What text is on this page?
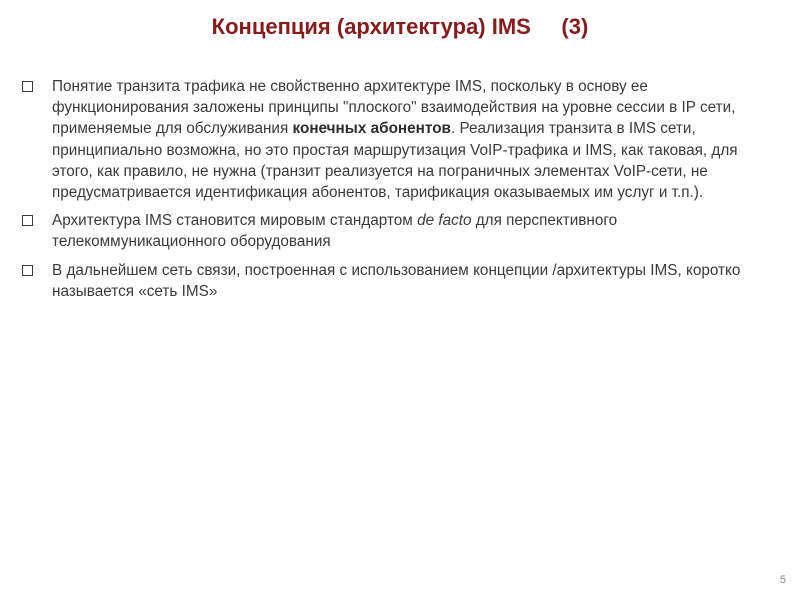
Концепция (архитектура) IMS     (3)
Понятие транзита трафика не свойственно архитектуре IMS, поскольку в основу ее функционирования заложены принципы "плоского" взаимодействия на уровне сессии в IP сети, применяемые для обслуживания конечных абонентов. Реализация транзита в IMS сети, принципиально возможна, но это простая маршрутизация VoIP-трафика и IMS, как таковая, для этого, как правило, не нужна (транзит реализуется на пограничных элементах VoIP-сети, не предусматривается идентификация абонентов, тарификация оказываемых им услуг и т.п.).
Архитектура IMS становится мировым стандартом de facto для перспективного телекоммуникационного оборудования
В дальнейшем сеть связи, построенная с использованием концепции /архитектуры IMS, коротко называется «сеть IMS»
5
